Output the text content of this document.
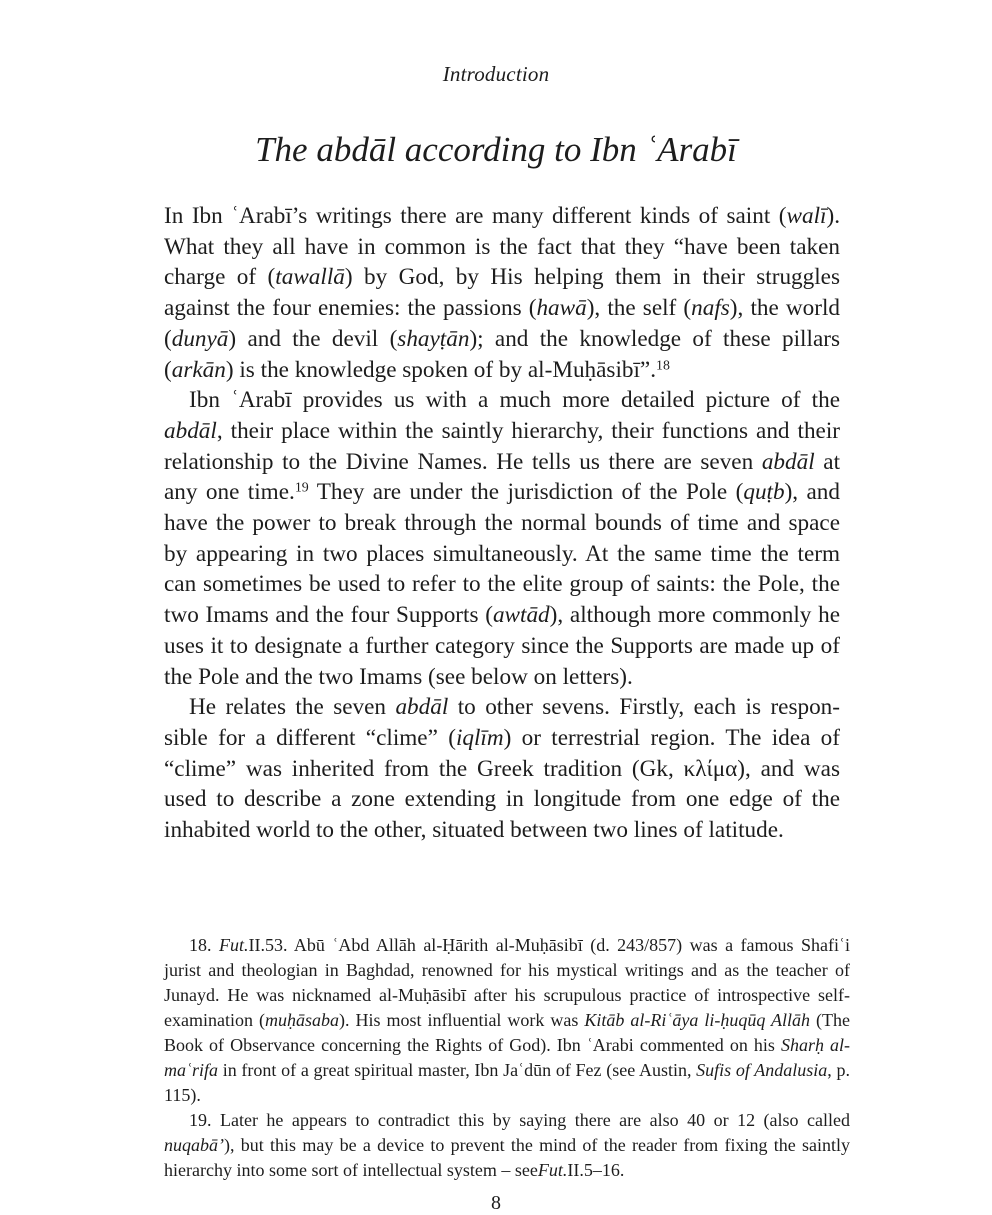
Introduction
The abdāl according to Ibn ʿArabī

In Ibn ʿArabī’s writings there are many different kinds of saint (walī). What they all have in common is the fact that they “have been taken charge of (tawallā) by God, by His helping them in their struggles against the four enemies: the passions (hawā), the self (nafs), the world (dunyā) and the devil (shayṭān); and the knowledge of these pillars (arkān) is the knowledge spoken of by al-Muḥāsibī”.$^{18}$

Ibn ʿArabī provides us with a much more detailed picture of the abdāl, their place within the saintly hierarchy, their functions and their relationship to the Divine Names. He tells us there are seven abdāl at any one time.$^{19}$ They are under the jurisdiction of the Pole (quṭb), and have the power to break through the normal bounds of time and space by appearing in two places simultaneously. At the same time the term can sometimes be used to refer to the elite group of saints: the Pole, the two Imams and the four Supports (awtād), although more commonly he uses it to designate a further category since the Supports are made up of the Pole and the two Imams (see below on letters).

He relates the seven abdāl to other sevens. Firstly, each is respon-sible for a different “clime” (iqlīm) or terrestrial region. The idea of “clime” was inherited from the Greek tradition (Gk, κλίμα), and was used to describe a zone extending in longitude from one edge of the inhabited world to the other, situated between two lines of latitude.

18. Fut.II.53. Abū ʿAbd Allāh al-Ḥārith al-Muḥāsibī (d. 243/857) was a famous Shafiʿi jurist and theologian in Baghdad, renowned for his mystical writings and as the teacher of Junayd. He was nicknamed al-Muḥāsibī after his scrupulous practice of introspective self-examination (muḥāsaba). His most influential work was Kitāb al-Riʿāya li-ḥuqūq Allāh (The Book of Observance concerning the Rights of God). Ibn ʿArabi commented on his Sharḥ al-maʿrifa in front of a great spiritual master, Ibn Jaʿdūn of Fez (see Austin, Sufis of Andalusia, p. 115).

19. Later he appears to contradict this by saying there are also 40 or 12 (also called nuqabā’), but this may be a device to prevent the mind of the reader from fixing the saintly hierarchy into some sort of intellectual system – seeFut.II.5–16.

8
